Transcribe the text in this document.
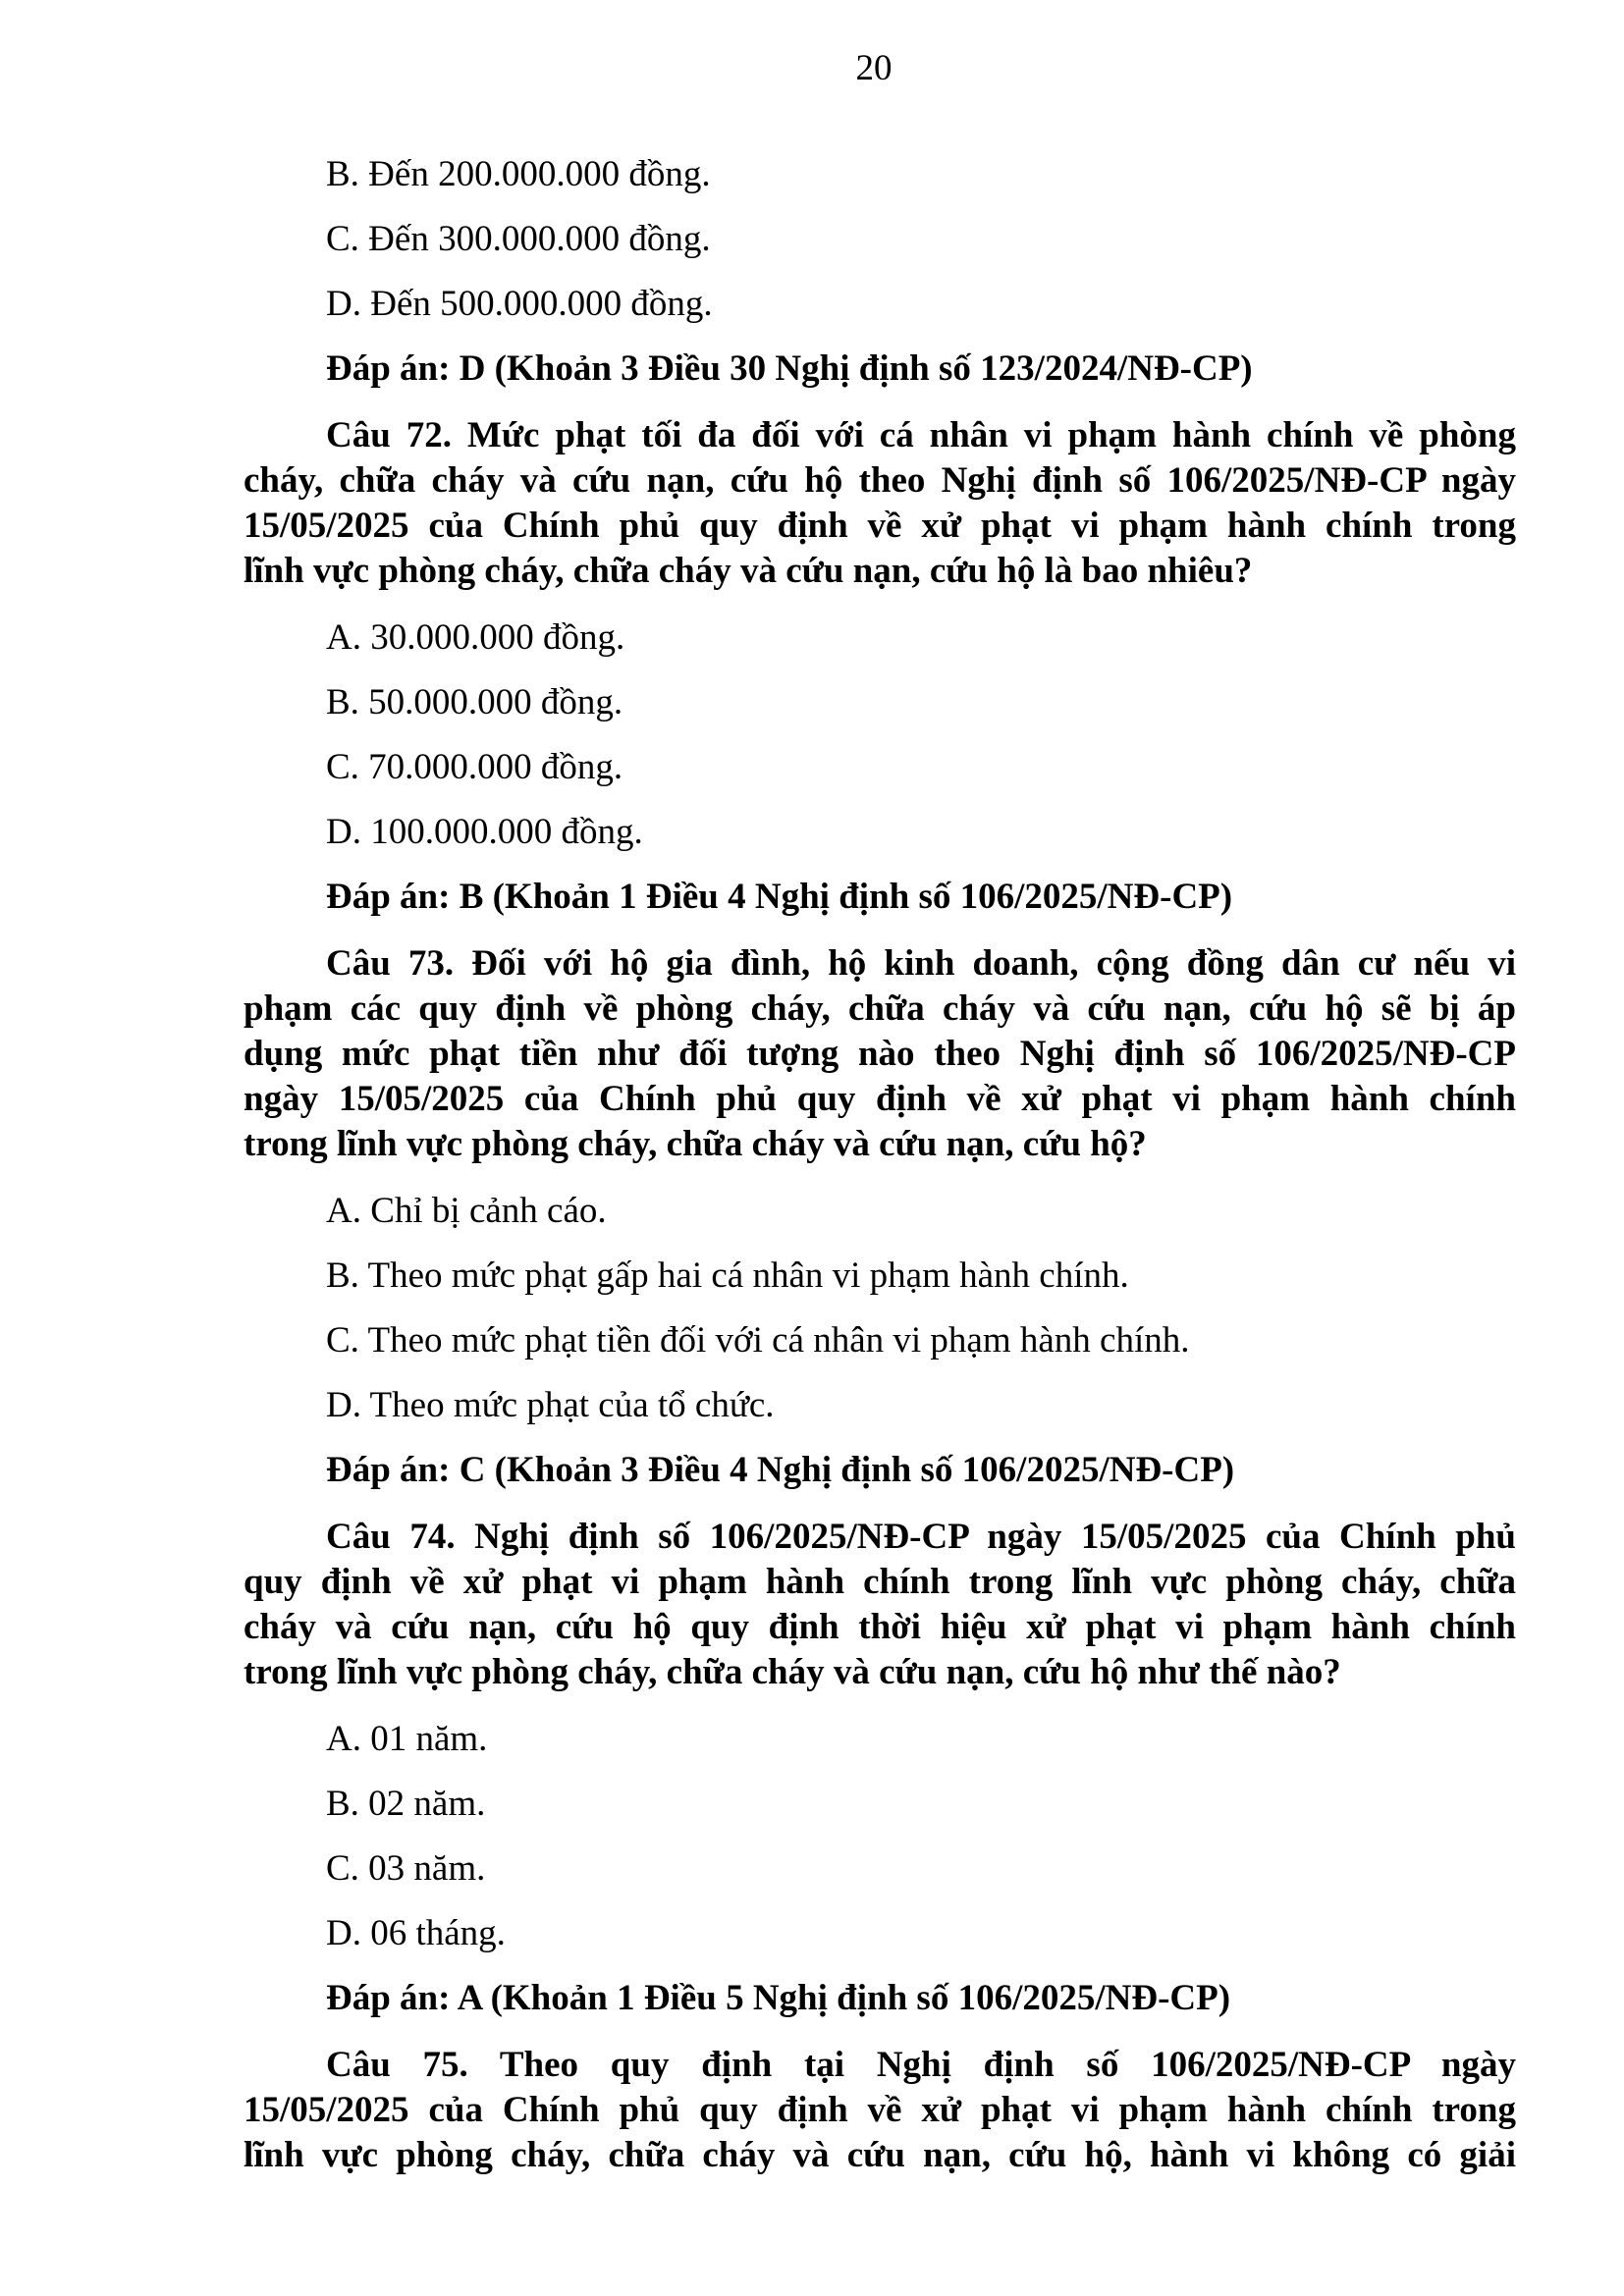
20
B. Đến 200.000.000 đồng.
C. Đến 300.000.000 đồng.
D. Đến 500.000.000 đồng.
Đáp án: D (Khoản 3 Điều 30 Nghị định số 123/2024/NĐ-CP)
Câu 72. Mức phạt tối đa đối với cá nhân vi phạm hành chính về phòng
cháy, chữa cháy và cứu nạn, cứu hộ theo Nghị định số 106/2025/NĐ-CP ngày
15/05/2025 của Chính phủ quy định về xử phạt vi phạm hành chính trong
lĩnh vực phòng cháy, chữa cháy và cứu nạn, cứu hộ là bao nhiêu?
A. 30.000.000 đồng.
B. 50.000.000 đồng.
C. 70.000.000 đồng.
D. 100.000.000 đồng.
Đáp án: B (Khoản 1 Điều 4 Nghị định số 106/2025/NĐ-CP)
Câu 73. Đối với hộ gia đình, hộ kinh doanh, cộng đồng dân cư nếu vi
phạm các quy định về phòng cháy, chữa cháy và cứu nạn, cứu hộ sẽ bị áp
dụng mức phạt tiền như đối tượng nào theo Nghị định số 106/2025/NĐ-CP
ngày 15/05/2025 của Chính phủ quy định về xử phạt vi phạm hành chính
trong lĩnh vực phòng cháy, chữa cháy và cứu nạn, cứu hộ?
A. Chỉ bị cảnh cáo.
B. Theo mức phạt gấp hai cá nhân vi phạm hành chính.
C. Theo mức phạt tiền đối với cá nhân vi phạm hành chính.
D. Theo mức phạt của tổ chức.
Đáp án: C (Khoản 3 Điều 4 Nghị định số 106/2025/NĐ-CP)
Câu 74. Nghị định số 106/2025/NĐ-CP ngày 15/05/2025 của Chính phủ
quy định về xử phạt vi phạm hành chính trong lĩnh vực phòng cháy, chữa
cháy và cứu nạn, cứu hộ quy định thời hiệu xử phạt vi phạm hành chính
trong lĩnh vực phòng cháy, chữa cháy và cứu nạn, cứu hộ như thế nào?
A. 01 năm.
B. 02 năm.
C. 03 năm.
D. 06 tháng.
Đáp án: A (Khoản 1 Điều 5 Nghị định số 106/2025/NĐ-CP)
Câu 75. Theo quy định tại Nghị định số 106/2025/NĐ-CP ngày
15/05/2025 của Chính phủ quy định về xử phạt vi phạm hành chính trong
lĩnh vực phòng cháy, chữa cháy và cứu nạn, cứu hộ, hành vi không có giải
